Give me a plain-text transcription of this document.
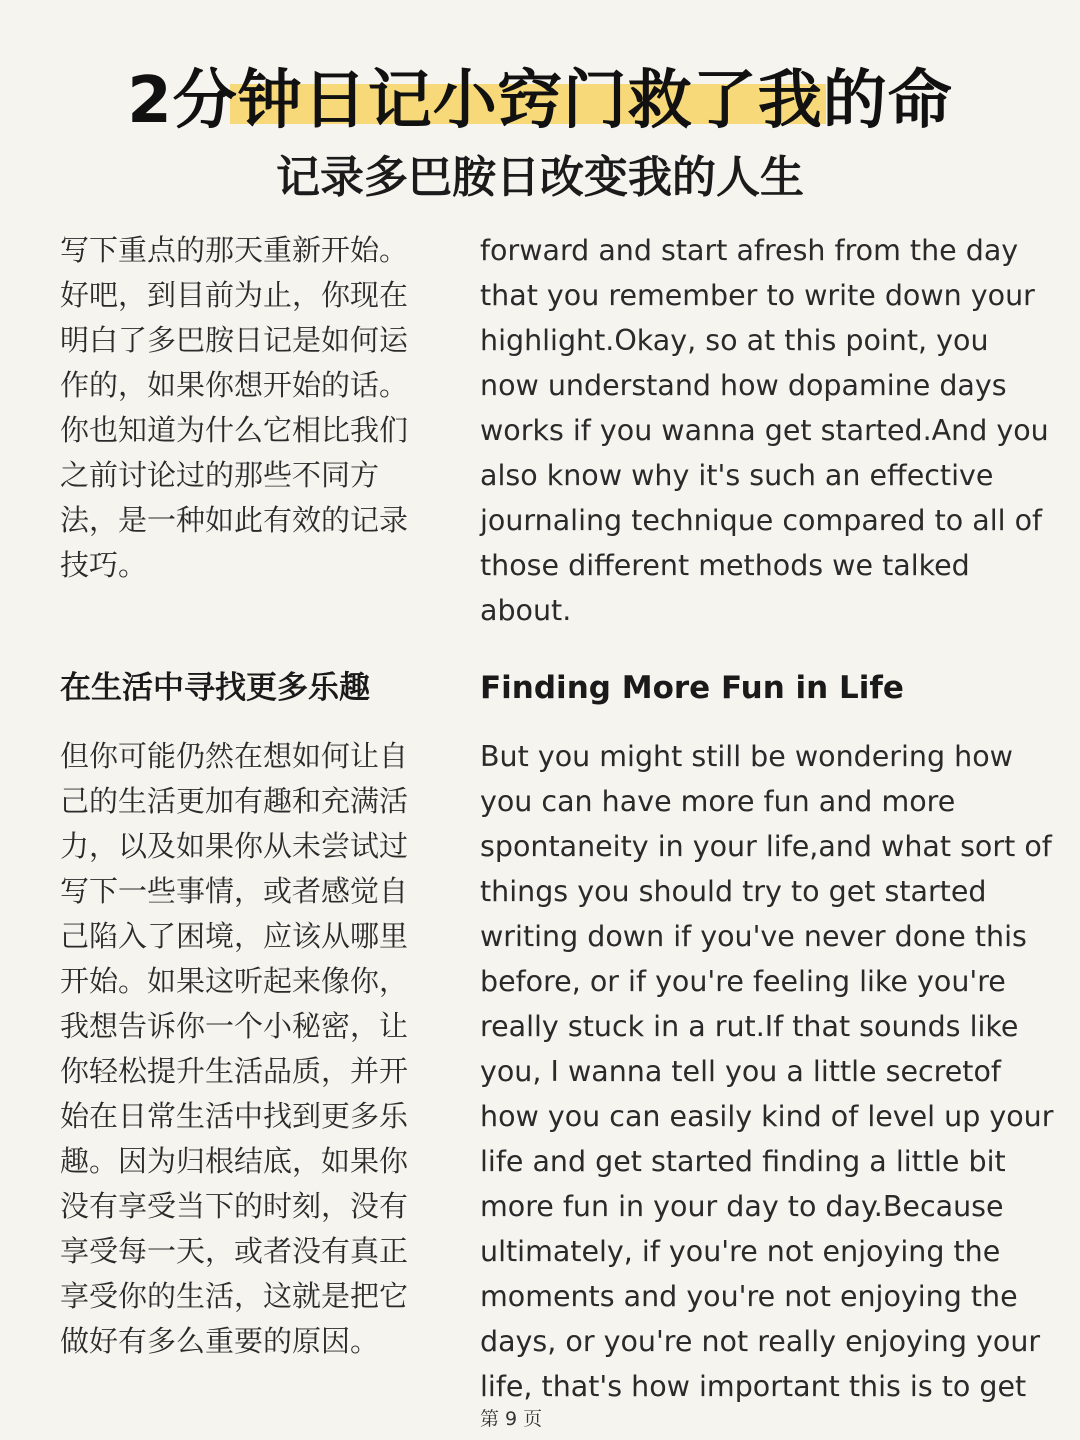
2分钟日记小窍门救了我的命
记录多巴胺日改变我的人生
写下重点的那天重新开始。好吧，到目前为止，你现在明白了多巴胺日记是如何运作的，如果你想开始的话。你也知道为什么它相比我们之前讨论过的那些不同方法，是一种如此有效的记录技巧。
forward and start afresh from the day that you remember to write down your highlight.Okay, so at this point, you now understand how dopamine days works if you wanna get started.And you also know why it's such an effective journaling technique compared to all of those different methods we talked about.
在生活中寻找更多乐趣	Finding More Fun in Life
但你可能仍然在想如何让自己的生活更加有趣和充满活力，以及如果你从未尝试过写下一些事情，或者感觉自己陷入了困境，应该从哪里开始。如果这听起来像你，我想告诉你一个小秘密，让你轻松提升生活品质，并开始在日常生活中找到更多乐趣。因为归根结底，如果你没有享受当下的时刻，没有享受每一天，或者没有真正享受你的生活，这就是把它做好有多么重要的原因。
But you might still be wondering how you can have more fun and more spontaneity in your life,and what sort of things you should try to get started writing down if you've never done this before, or if you're feeling like you're really stuck in a rut.If that sounds like you, I wanna tell you a little secretof how you can easily kind of level up your life and get started finding a little bit more fun in your day to day.Because ultimately, if you're not enjoying the moments and you're not enjoying the days, or you're not really enjoying your life, that's how important this is to get
第 9 页
